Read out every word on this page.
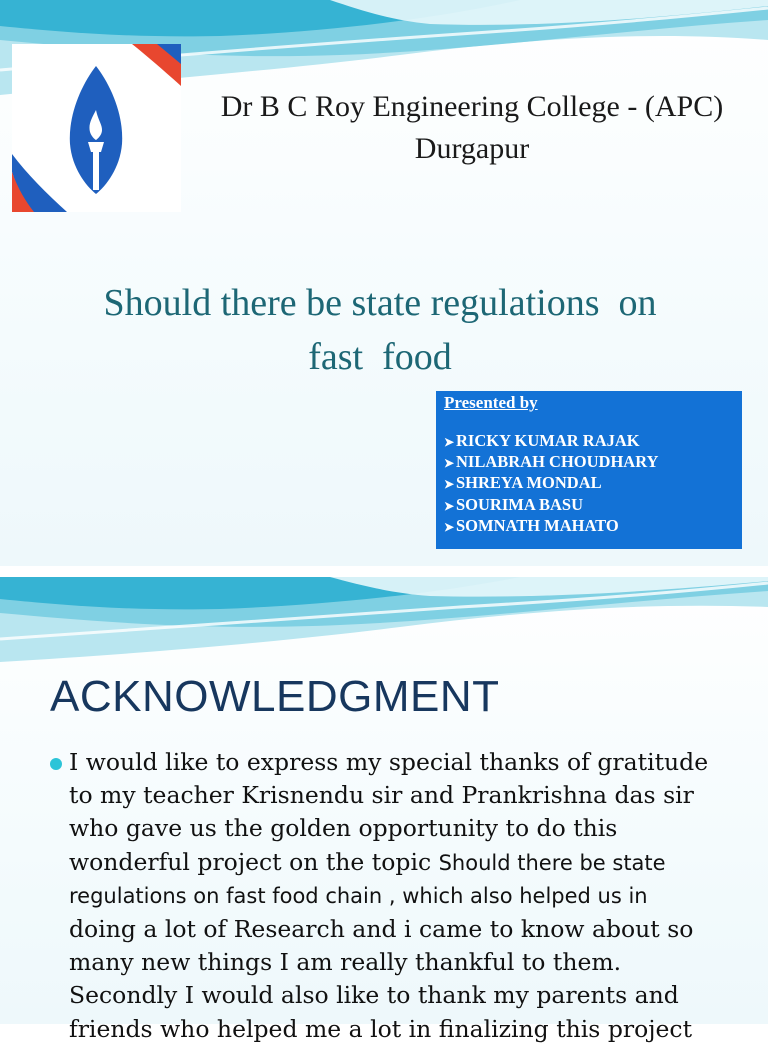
Dr B C Roy Engineering College - (APC)
Durgapur
Should there be state regulations  on
fast  food
Presented by
➤ RICKY KUMAR RAJAK
➤ NILABRAH CHOUDHARY
➤ SHREYA MONDAL
➤ SOURIMA BASU
➤ SOMNATH MAHATO
ACKNOWLEDGMENT
I would like to express my special thanks of gratitude
to my teacher Krisnendu sir and Prankrishna das sir
who gave us the golden opportunity to do this
wonderful project on the topic Should there be state
regulations on fast food chain , which also helped us in
doing a lot of Research and i came to know about so
many new things I am really thankful to them.
Secondly I would also like to thank my parents and
friends who helped me a lot in finalizing this project
